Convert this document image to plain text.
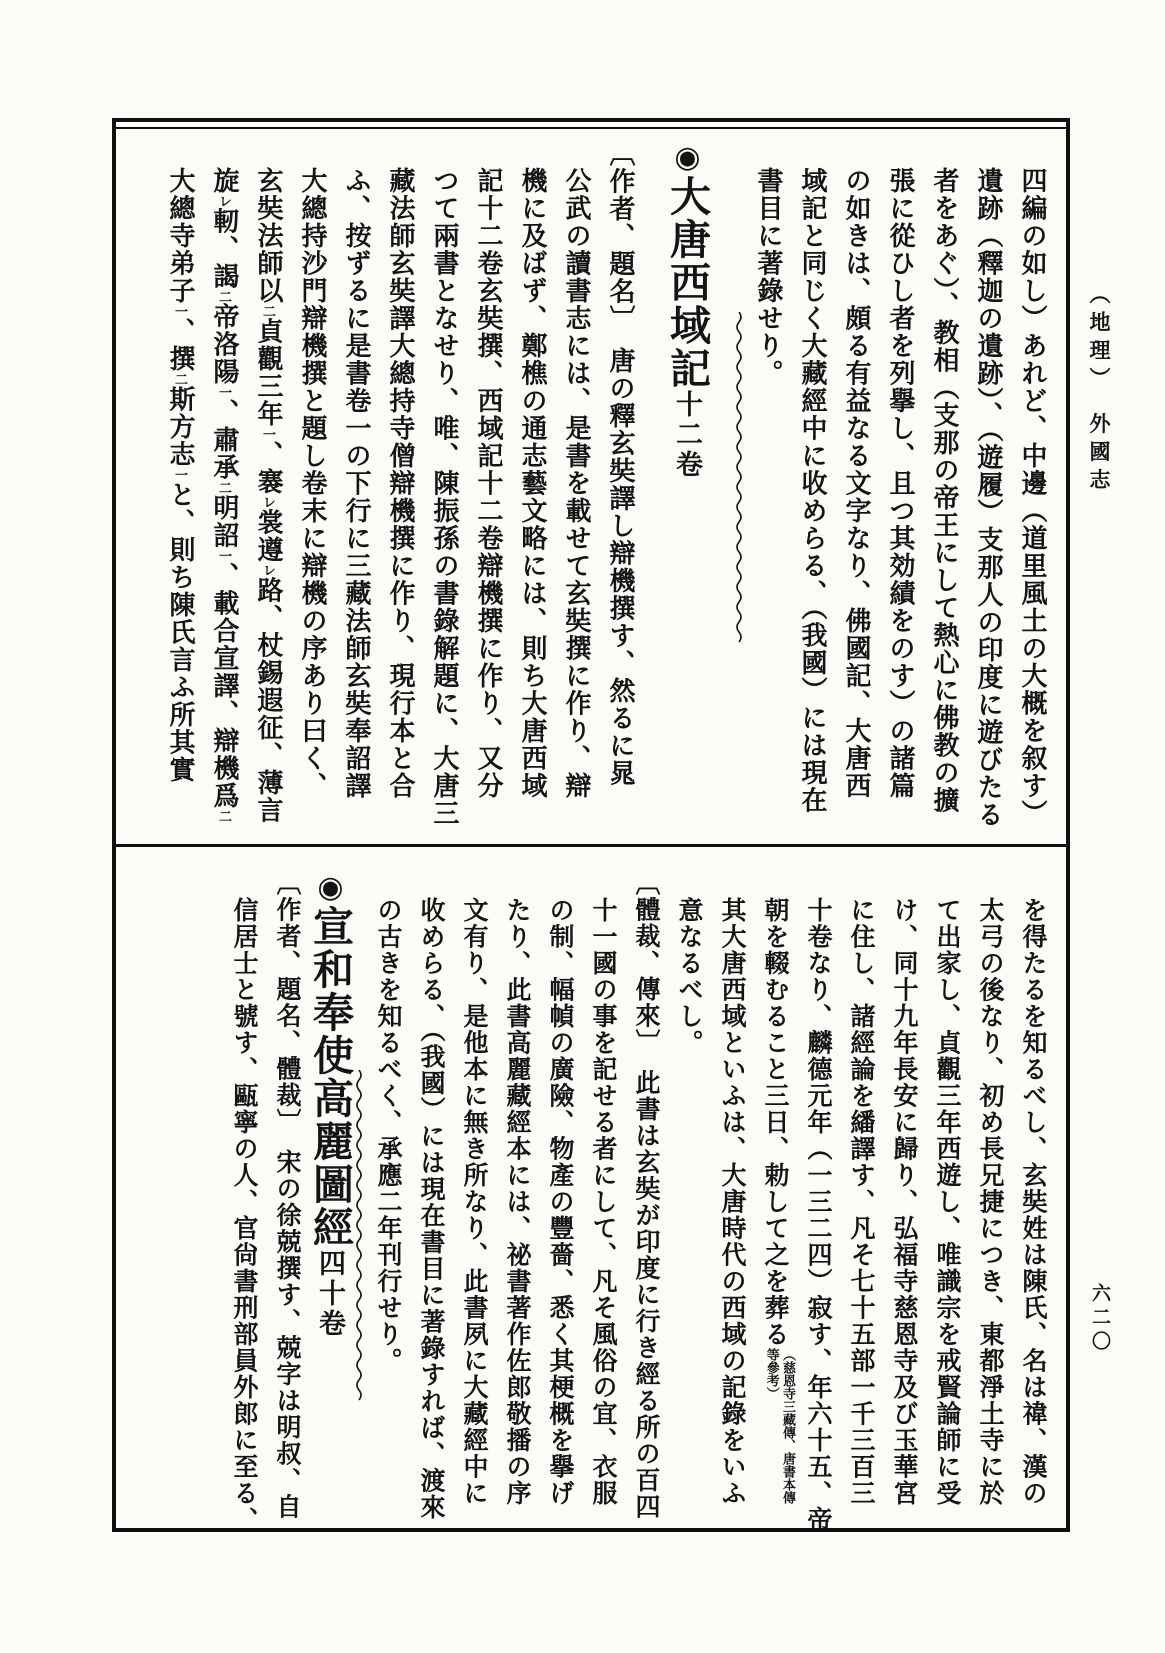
（地理）　外國志
六二〇
四編の如し）あれど、中邊（道里風土の大概を叙す）
遺跡（釋迦の遺跡）、（遊履）支那人の印度に遊びたる
者をあぐ）、教相（支那の帝王にして熱心に佛教の擴
張に從ひし者を列擧し、且つ其効績をのす）の諸篇
の如きは、頗る有益なる文字なり、佛國記、大唐西
域記と同じく大藏經中に收めらる、（我國）には現在
書目に著錄せり。
◉大唐西域記十二卷
〔作者、題名〕　唐の釋玄奘譯し辯機撰す、然るに晁
公武の讀書志には、是書を載せて玄奘撰に作り、辯
機に及ばず、鄭樵の通志藝文略には、則ち大唐西域
記十二卷玄奘撰、西域記十二卷辯機撰に作り、又分
つて兩書となせり、唯、陳振孫の書錄解題に、大唐三
藏法師玄奘譯大總持寺僧辯機撰に作り、現行本と合
ふ、按ずるに是書卷一の下行に三藏法師玄奘奉詔譯
大總持沙門辯機撰と題し卷末に辯機の序あり曰く、
玄奘法師以二貞觀三年一、褰レ裳遵レ路、杖錫遐征、薄言
旋レ軔、謁二帝洛陽一、肅承二明詔一、載合宣譯、辯機爲二
大總寺弟子一、撰二斯方志一と、則ち陳氏言ふ所其實
を得たるを知るべし、玄奘姓は陳氏、名は禕、漢の
太弓の後なり、初め長兄捷につき、東都淨土寺に於
て出家し、貞觀三年西遊し、唯識宗を戒賢論師に受
け、同十九年長安に歸り、弘福寺慈恩寺及び玉華宮
に住し、諸經論を繙譯す、凡そ七十五部一千三百三
十卷なり、麟德元年（一三二四）寂す、年六十五、帝
朝を輟むること三日、勅して之を葬る（慈恩寺三藏傳、唐書本傳等參考）
其大唐西域といふは、大唐時代の西域の記錄をいふ
意なるべし。
〔體裁、傳來〕　此書は玄奘が印度に行き經る所の百四
十一國の事を記せる者にして、凡そ風俗の宜、衣服
の制、幅幀の廣險、物產の豐嗇、悉く其梗概を擧げ
たり、此書高麗藏經本には、祕書著作佐郎敬播の序
文有り、是他本に無き所なり、此書夙に大藏經中に
收めらる、（我國）には現在書目に著錄すれば、渡來
の古きを知るべく、承應二年刊行せり。
◉宣和奉使高麗圖經四十卷
〔作者、題名、體裁〕　宋の徐兢撰す、兢字は明叔、自
信居士と號す、甌寧の人、官尙書刑部員外郎に至る、
